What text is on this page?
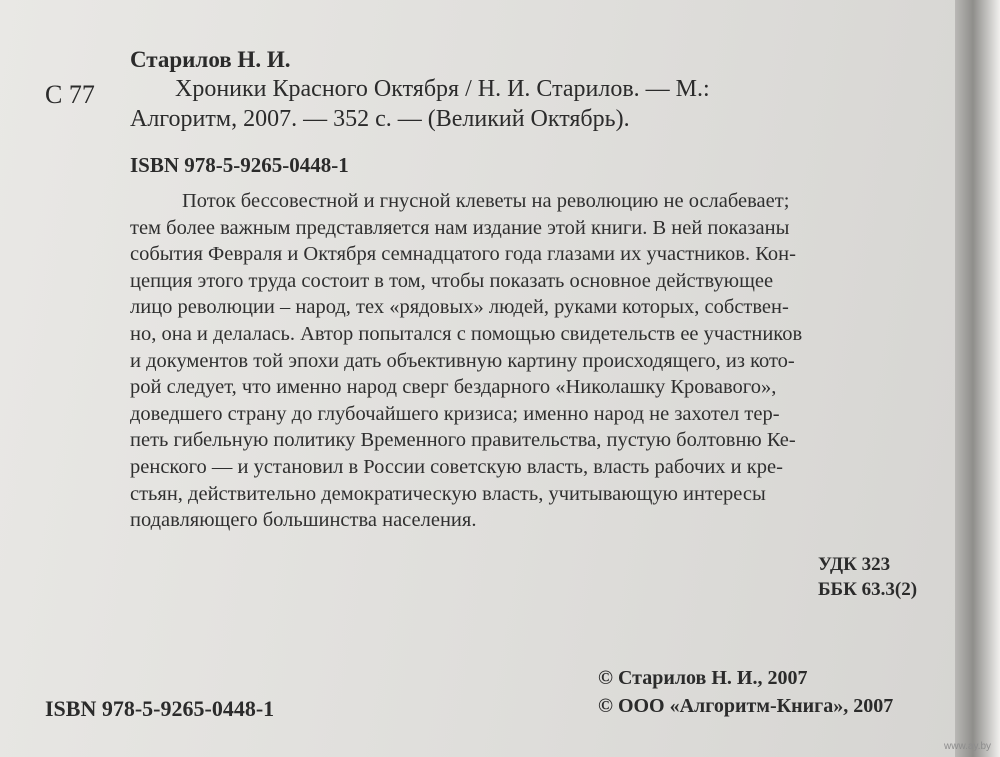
Старилов Н. И.
С 77	Хроники Красного Октября / Н. И. Старилов. — М.:
Алгоритм, 2007. — 352 с. — (Великий Октябрь).
ISBN 978-5-9265-0448-1
Поток бессовестной и гнусной клеветы на революцию не ослабевает;
тем более важным представляется нам издание этой книги. В ней показаны
события Февраля и Октября семнадцатого года глазами их участников. Кон-
цепция этого труда состоит в том, чтобы показать основное действующее
лицо революции – народ, тех «рядовых» людей, руками которых, собствен-
но, она и делалась. Автор попытался с помощью свидетельств ее участников
и документов той эпохи дать объективную картину происходящего, из кото-
рой следует, что именно народ сверг бездарного «Николашку Кровавого»,
доведшего страну до глубочайшего кризиса; именно народ не захотел тер-
петь гибельную политику Временного правительства, пустую болтовню Ке-
ренского — и установил в России советскую власть, власть рабочих и кре-
стьян, действительно демократическую власть, учитывающую интересы
подавляющего большинства населения.
УДК 323
ББК 63.3(2)
ISBN 978-5-9265-0448-1
© Старилов Н. И., 2007
© ООО «Алгоритм-Книга», 2007
www.ay.by
